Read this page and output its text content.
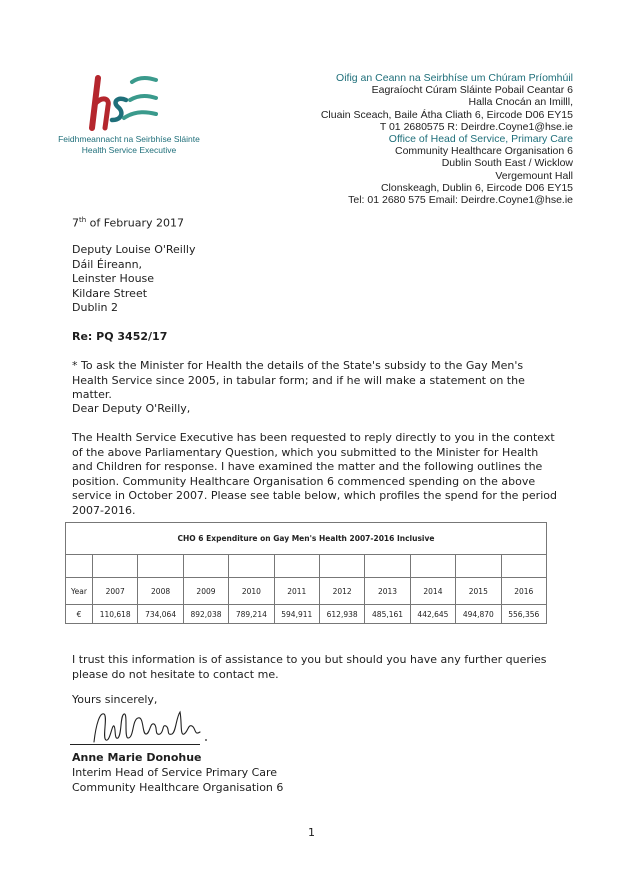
Feidhmeannacht na Seirbhíse Sláinte
Health Service Executive
Oifig an Ceann na Seirbhíse um Chúram Príomhúil
Eagraíocht Cúram Sláinte Pobail Ceantar 6
Halla Cnocán an Imilll,
Cluain Sceach, Baile Átha Cliath 6, Eircode D06 EY15
T 01 2680575 R: Deirdre.Coyne1@hse.ie
Office of Head of Service, Primary Care
Community Healthcare Organisation 6
Dublin South East / Wicklow
Vergemount Hall
Clonskeagh, Dublin 6, Eircode D06 EY15
Tel: 01 2680 575 Email: Deirdre.Coyne1@hse.ie
7th of February 2017
Deputy Louise O'Reilly
Dáil Éireann,
Leinster House
Kildare Street
Dublin 2
Re: PQ 3452/17
* To ask the Minister for Health the details of the State's subsidy to the Gay Men's Health Service since 2005, in tabular form; and if he will make a statement on the matter.
Dear Deputy O'Reilly,
The Health Service Executive has been requested to reply directly to you in the context of the above Parliamentary Question, which you submitted to the Minister for Health and Children for response. I have examined the matter and the following outlines the position. Community Healthcare Organisation 6 commenced spending on the above service in October 2007. Please see table below, which profiles the spend for the period 2007-2016.
CHO 6 Expenditure on Gay Men's Health 2007-2016 Inclusive										

Year	2007	2008	2009	2010	2011	2012	2013	2014	2015	2016
€	110,618	734,064	892,038	789,214	594,911	612,938	485,161	442,645	494,870	556,356
I trust this information is of assistance to you but should you have any further queries please do not hesitate to contact me.
Yours sincerely,
Anne Marie Donohue
Interim Head of Service Primary Care
Community Healthcare Organisation 6
1
